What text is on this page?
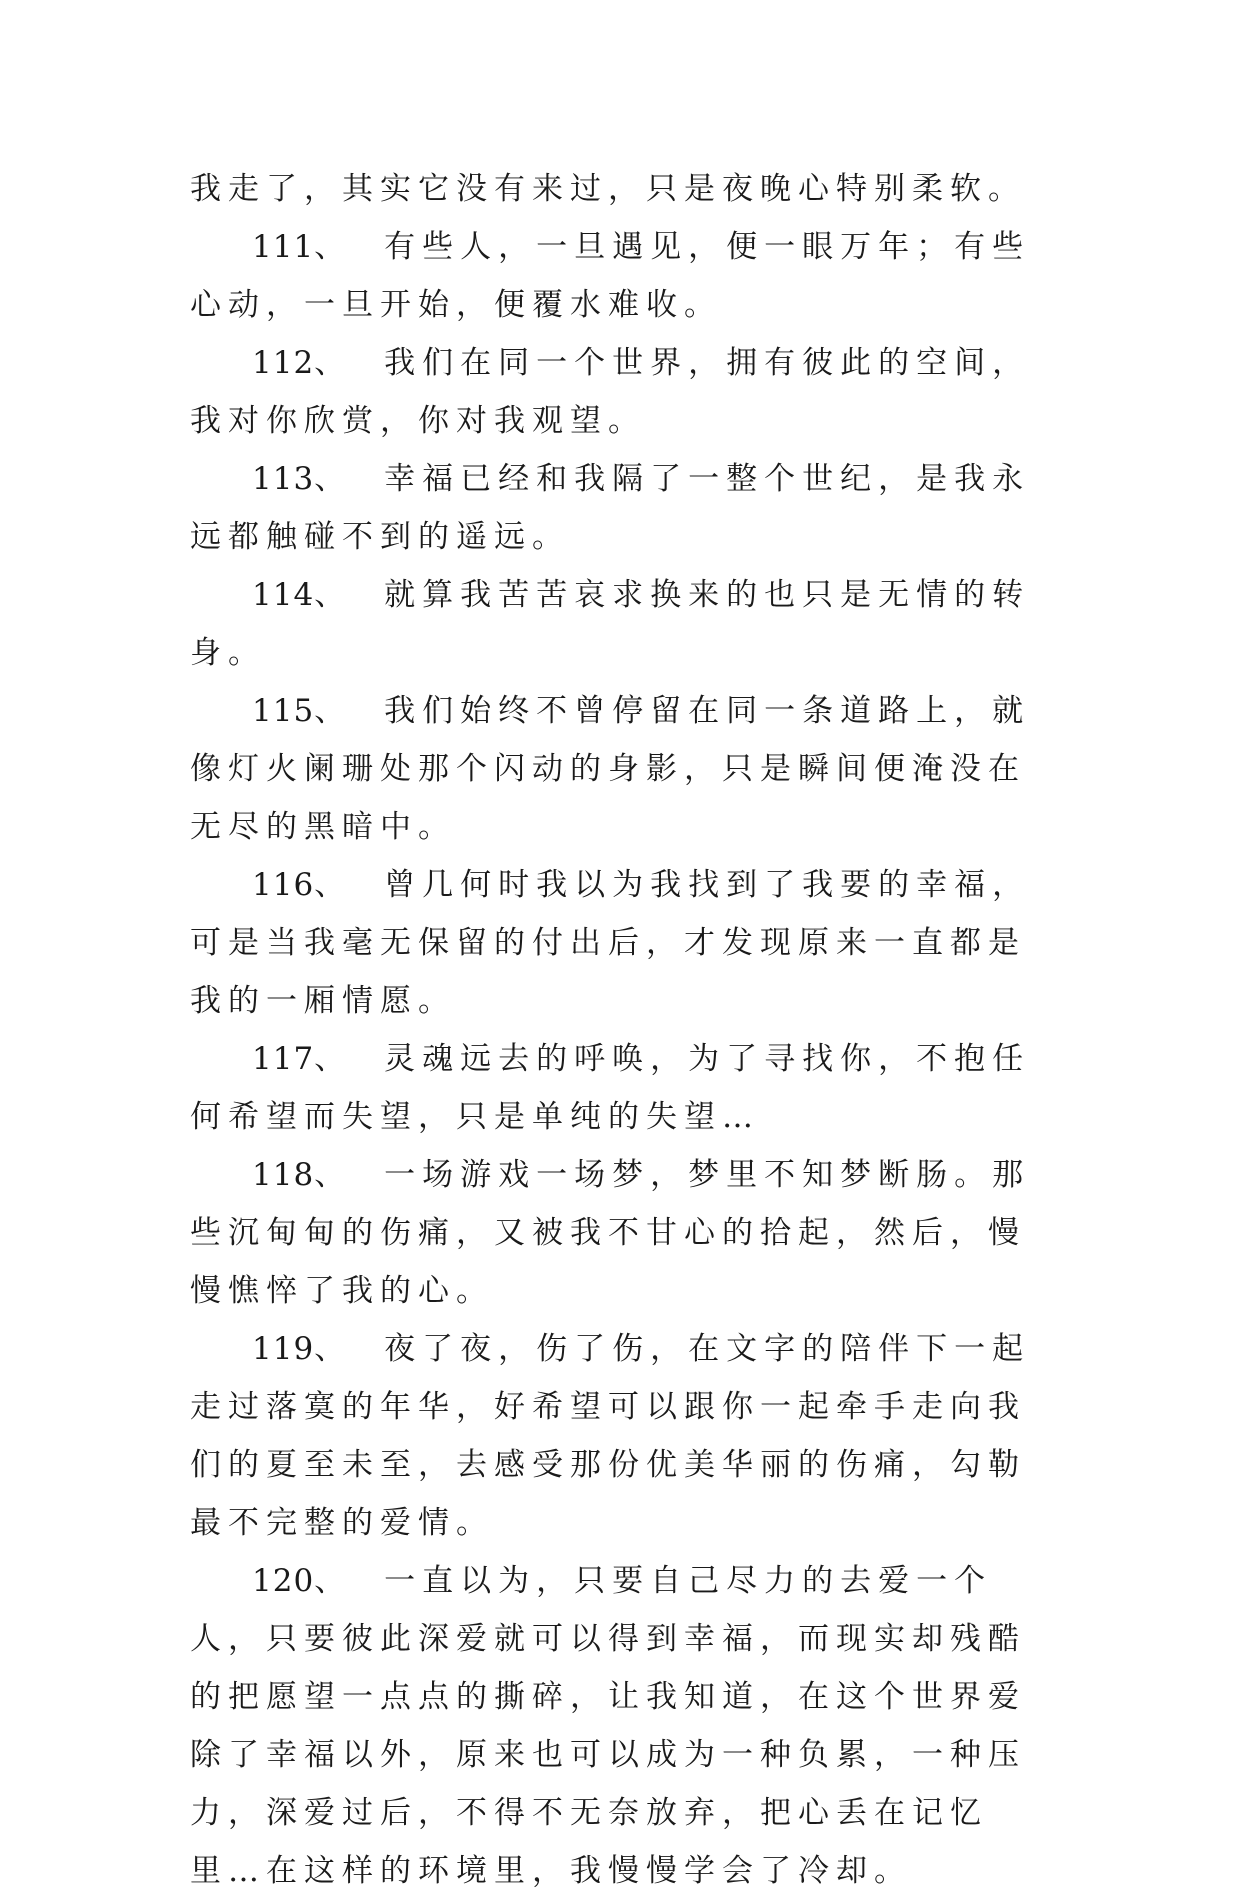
我走了，其实它没有来过，只是夜晚心特别柔软。

111、 有些人，一旦遇见，便一眼万年；有些心动，一旦开始，便覆水难收。

112、 我们在同一个世界，拥有彼此的空间，我对你欣赏，你对我观望。

113、 幸福已经和我隔了一整个世纪，是我永远都触碰不到的遥远。

114、 就算我苦苦哀求换来的也只是无情的转身。

115、 我们始终不曾停留在同一条道路上，就像灯火阑珊处那个闪动的身影，只是瞬间便淹没在无尽的黑暗中。

116、 曾几何时我以为我找到了我要的幸福，可是当我毫无保留的付出后，才发现原来一直都是我的一厢情愿。

117、 灵魂远去的呼唤，为了寻找你，不抱任何希望而失望，只是单纯的失望…

118、 一场游戏一场梦，梦里不知梦断肠。那些沉甸甸的伤痛，又被我不甘心的拾起，然后，慢慢憔悴了我的心。

119、 夜了夜，伤了伤，在文字的陪伴下一起走过落寞的年华，好希望可以跟你一起牵手走向我们的夏至未至，去感受那份优美华丽的伤痛，勾勒最不完整的爱情。

120、 一直以为，只要自己尽力的去爱一个人，只要彼此深爱就可以得到幸福，而现实却残酷的把愿望一点点的撕碎，让我知道，在这个世界爱除了幸福以外，原来也可以成为一种负累，一种压力，深爱过后，不得不无奈放弃，把心丢在记忆里…在这样的环境里，我慢慢学会了冷却。
